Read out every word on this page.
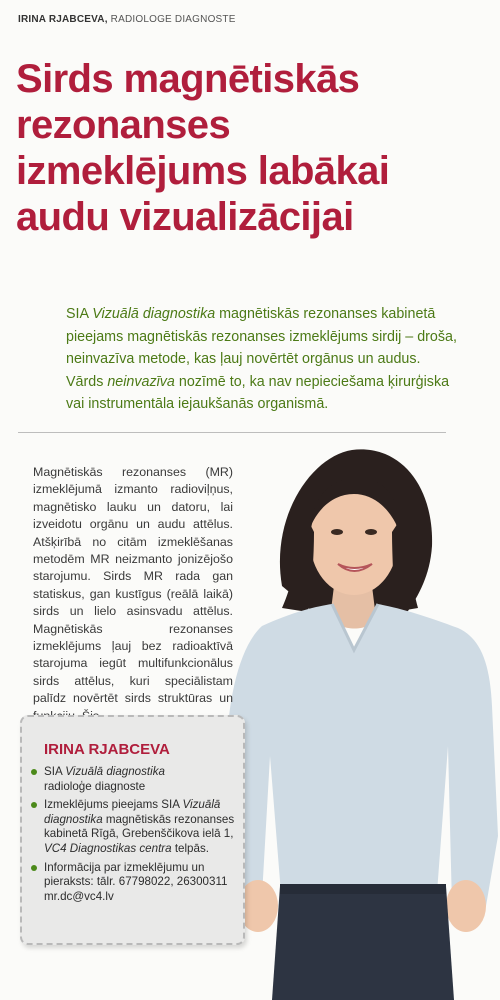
IRINA RJABCEVA, RADIOLOGE DIAGNOSTE
Sirds magnētiskās
rezonanses
izmeklējums labākai
audu vizualizācijai

SIA Vizuālā diagnostika magnētiskās rezonanses kabinetā pieejams magnētiskās rezonanses izmeklējums sirdij – droša, neinvazīva metode, kas ļauj novērtēt orgānus un audus. Vārds neinvazīva nozīmē to, ka nav nepieciešama ķirurģiska vai instrumentāla iejaukšanās organismā.

Magnētiskās rezonanses (MR) izmeklējumā izmanto radioviļņus, magnētisko lauku un datoru, lai izveidotu orgānu un audu attēlus. Atšķirībā no citām izmeklēšanas metodēm MR neizmanto jonizējošo starojumu. Sirds MR rada gan statiskus, gan kustīgus (reālā laikā) sirds un lielo asinsvadu attēlus. Magnētiskās rezonanses izmeklējums ļauj bez radioaktīvā starojuma iegūt multifunkcionālus sirds attēlus, kuri speciālistam palīdz novērtēt sirds struktūras un

IRINA RJABCEVA
SIA Vizuālā diagnostika
radioloģe diagnoste
Izmeklējums pieejams SIA Vizuālā diagnostika magnētiskās rezonanses kabinetā Rīgā, Grebenščikova ielā 1, VC4 Diagnostikas centra telpās.
Informācija par izmeklējumu un pieraksts: tālr. 67798022, 26300311
mr.dc@vc4.lv
